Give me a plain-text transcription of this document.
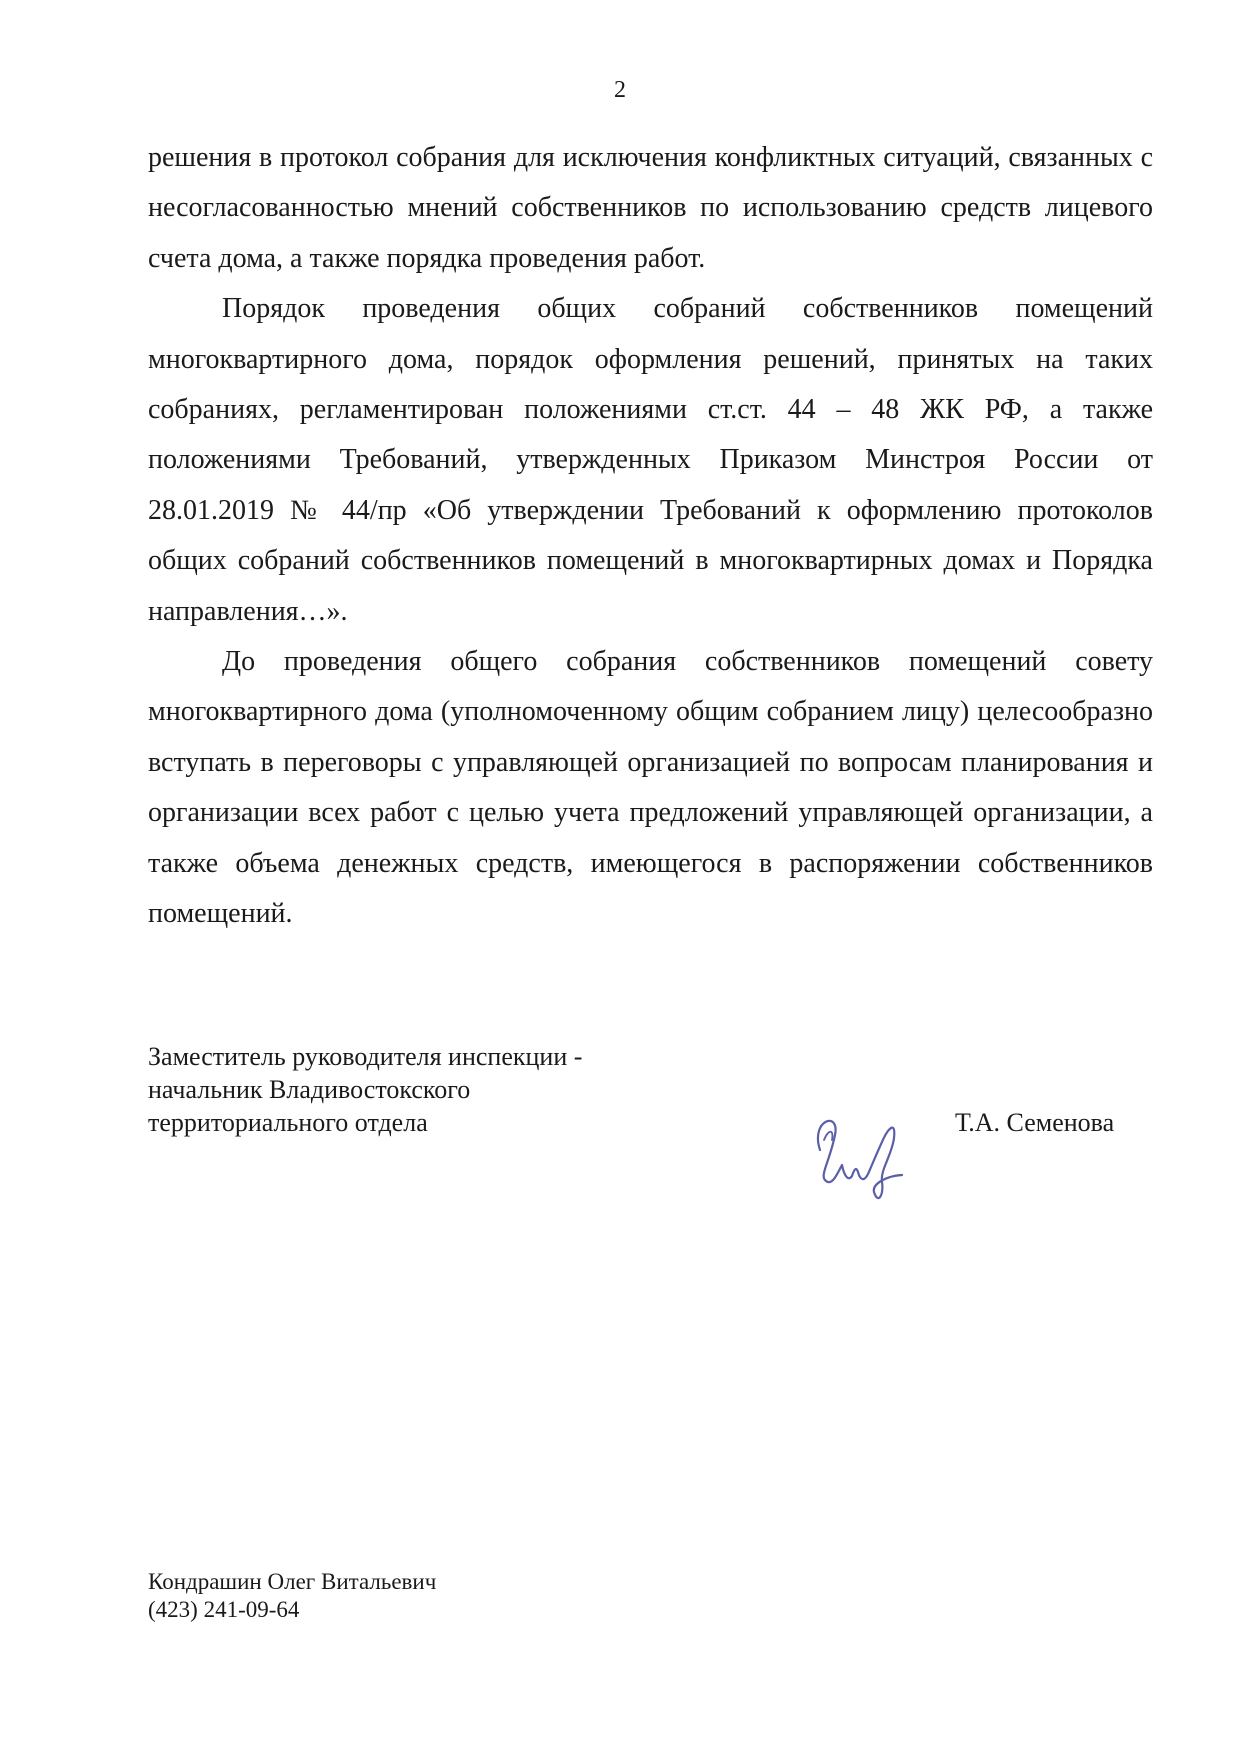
2

решения в протокол собрания для исключения конфликтных ситуаций, связанных с несогласованностью мнений собственников по использованию средств лицевого счета дома, а также порядка проведения работ.

Порядок проведения общих собраний собственников помещений многоквартирного дома, порядок оформления решений, принятых на таких собраниях, регламентирован положениями ст.ст. 44 – 48 ЖК РФ, а также положениями Требований, утвержденных Приказом Минстроя России от 28.01.2019 № 44/пр «Об утверждении Требований к оформлению протоколов общих собраний собственников помещений в многоквартирных домах и Порядка направления…».

До проведения общего собрания собственников помещений совету многоквартирного дома (уполномоченному общим собранием лицу) целесообразно вступать в переговоры с управляющей организацией по вопросам планирования и организации всех работ с целью учета предложений управляющей организации, а также объема денежных средств, имеющегося в распоряжении собственников помещений.

Заместитель руководителя инспекции -
начальник Владивостокского
территориального отдела	Т.А. Семенова
Кондрашин Олег Витальевич
(423) 241-09-64
